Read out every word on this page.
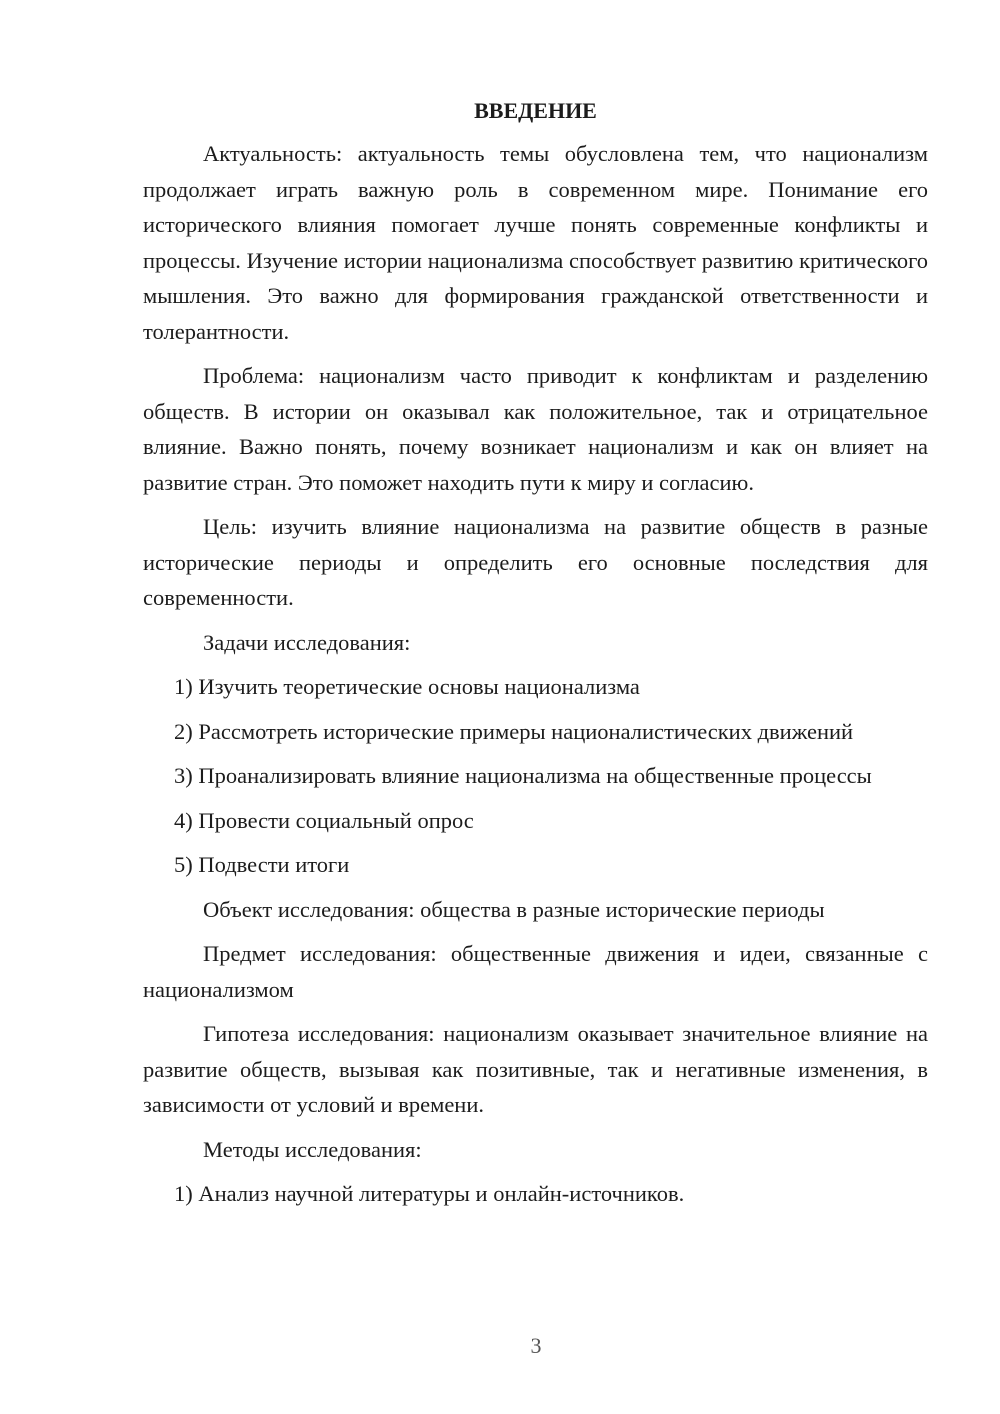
ВВЕДЕНИЕ

Актуальность: актуальность темы обусловлена тем, что национализм продолжает играть важную роль в современном мире. Понимание его исторического влияния помогает лучше понять современные конфликты и процессы. Изучение истории национализма способствует развитию критического мышления. Это важно для формирования гражданской ответственности и толерантности.

Проблема: национализм часто приводит к конфликтам и разделению обществ. В истории он оказывал как положительное, так и отрицательное влияние. Важно понять, почему возникает национализм и как он влияет на развитие стран. Это поможет находить пути к миру и согласию.

Цель: изучить влияние национализма на развитие обществ в разные исторические периоды и определить его основные последствия для современности.

Задачи исследования:

1) Изучить теоретические основы национализма

2) Рассмотреть исторические примеры националистических движений

3) Проанализировать влияние национализма на общественные процессы

4) Провести социальный опрос

5) Подвести итоги

Объект исследования: общества в разные исторические периоды

Предмет исследования: общественные движения и идеи, связанные с национализмом

Гипотеза исследования: национализм оказывает значительное влияние на развитие обществ, вызывая как позитивные, так и негативные изменения, в зависимости от условий и времени.

Методы исследования:

1) Анализ научной литературы и онлайн-источников.

3
